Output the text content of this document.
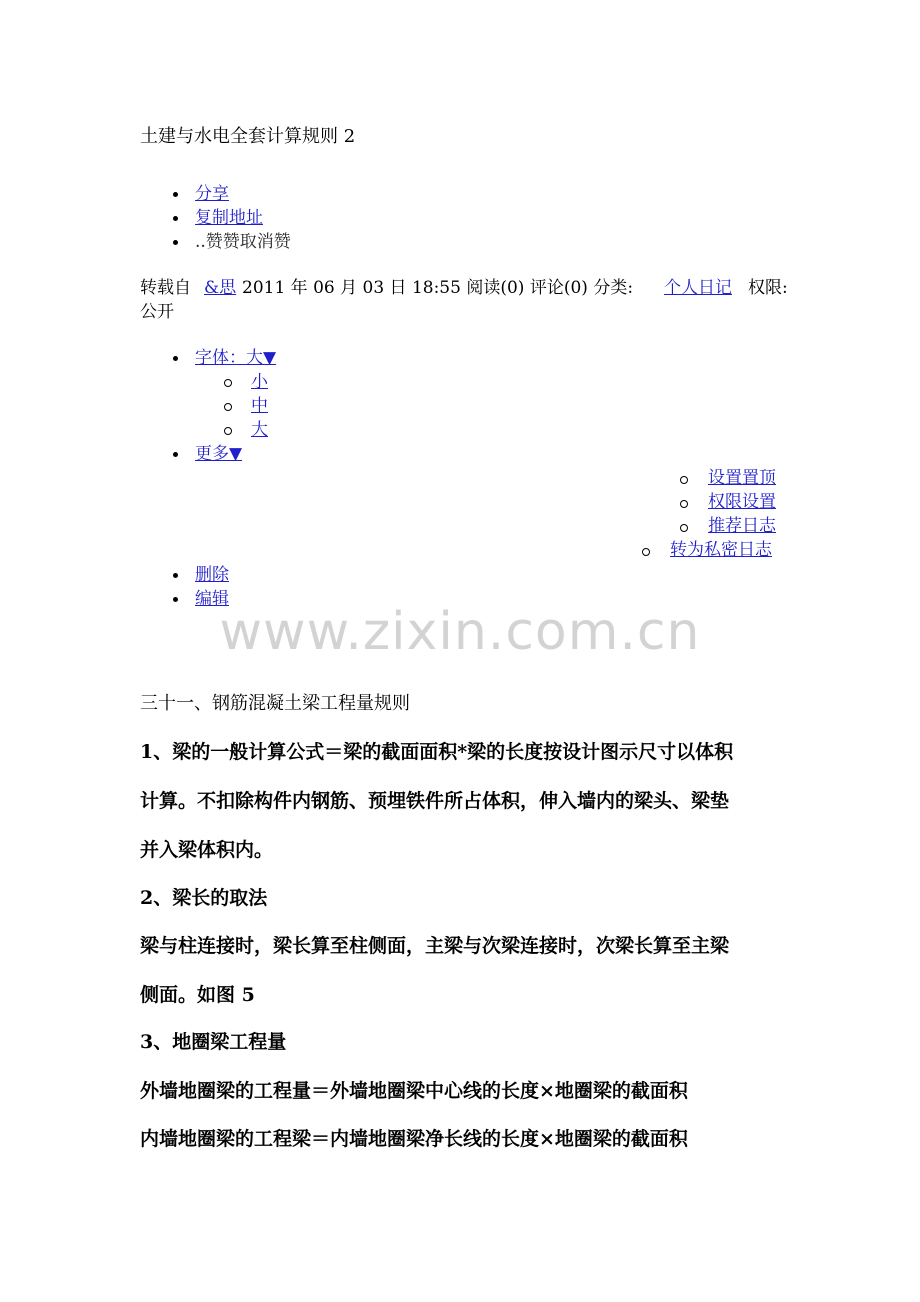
土建与水电全套计算规则 2
分享
复制地址
..赞赞取消赞
转载自 &思 2011 年 06 月 03 日 18:55 阅读(0) 评论(0) 分类: 个人日记 权限:
公开
字体：大▼
小
中
大
更多▼
设置置顶
权限设置
推荐日志
转为私密日志
删除
编辑
www.zixin.com.cn
三十一、钢筋混凝土梁工程量规则
1、梁的一般计算公式＝梁的截面面积*梁的长度按设计图示尺寸以体积
计算。不扣除构件内钢筋、预埋铁件所占体积，伸入墙内的梁头、梁垫
并入梁体积内。
2、梁长的取法
梁与柱连接时，梁长算至柱侧面，主梁与次梁连接时，次梁长算至主梁
侧面。如图 5
3、地圈梁工程量
外墙地圈梁的工程量＝外墙地圈梁中心线的长度×地圈梁的截面积
内墙地圈梁的工程梁＝内墙地圈梁净长线的长度×地圈梁的截面积
